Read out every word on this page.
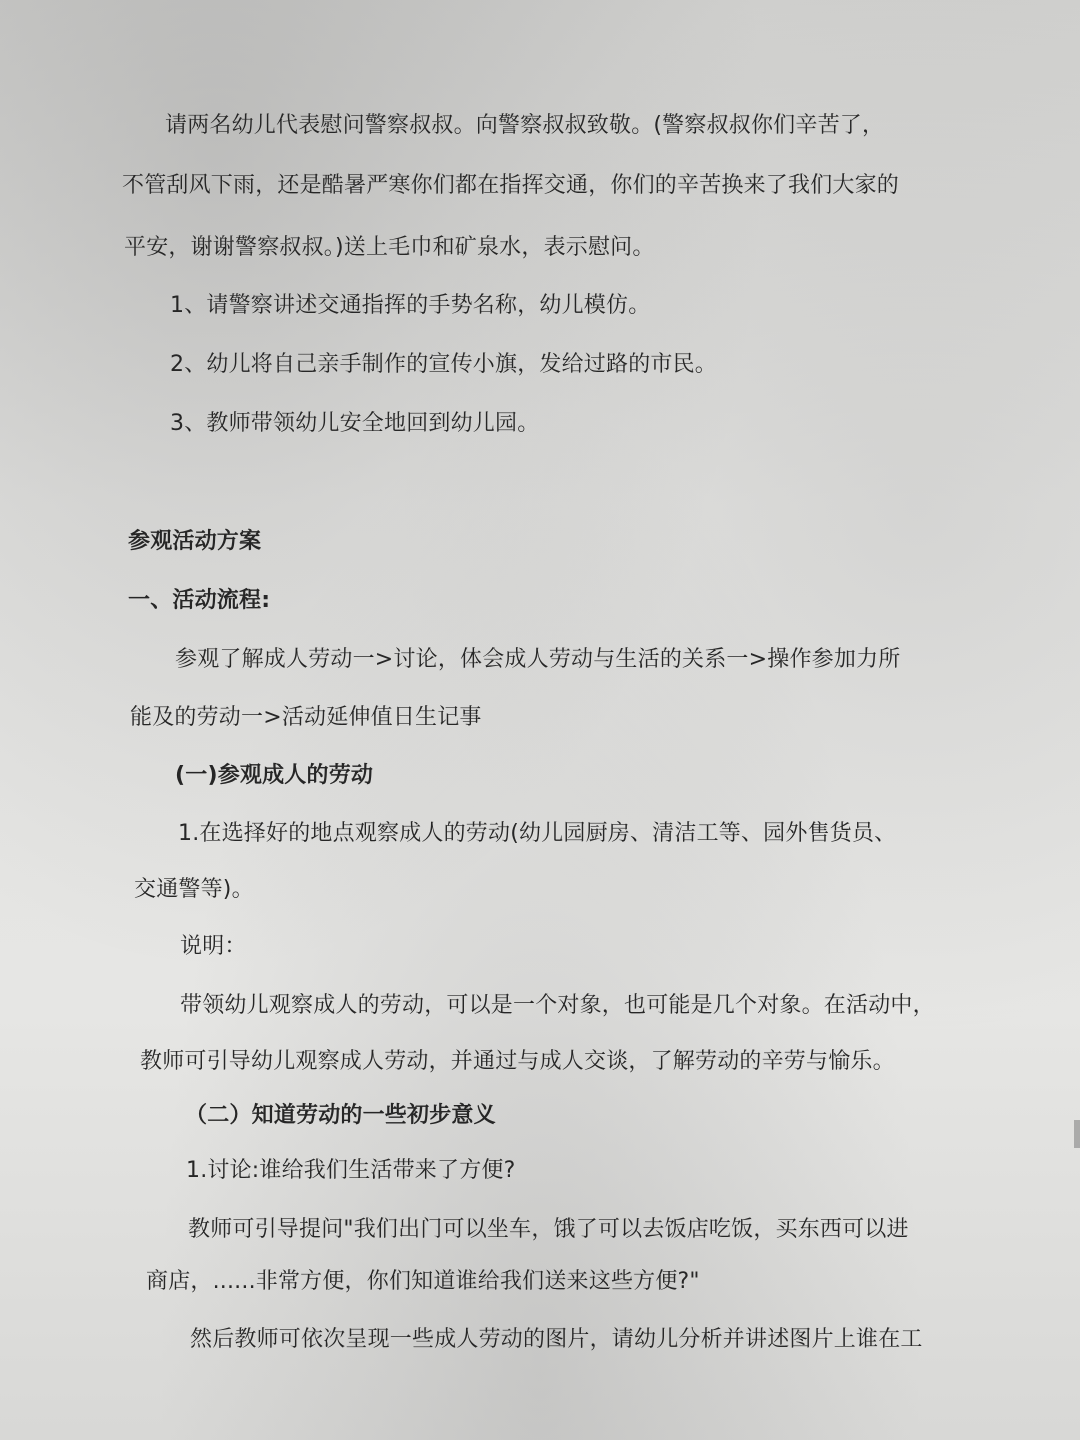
请两名幼儿代表慰问警察叔叔。向警察叔叔致敬。(警察叔叔你们辛苦了，
不管刮风下雨，还是酷暑严寒你们都在指挥交通，你们的辛苦换来了我们大家的
平安，谢谢警察叔叔。)送上毛巾和矿泉水，表示慰问。
1、请警察讲述交通指挥的手势名称，幼儿模仿。
2、幼儿将自己亲手制作的宣传小旗，发给过路的市民。
3、教师带领幼儿安全地回到幼儿园。
参观活动方案
一、活动流程:
参观了解成人劳动一>讨论，体会成人劳动与生活的关系一>操作参加力所
能及的劳动一>活动延伸值日生记事
(一)参观成人的劳动
1.在选择好的地点观察成人的劳动(幼儿园厨房、清洁工等、园外售货员、
交通警等)。
说明：
带领幼儿观察成人的劳动，可以是一个对象，也可能是几个对象。在活动中，
教师可引导幼儿观察成人劳动，并通过与成人交谈，了解劳动的辛劳与愉乐。
（二）知道劳动的一些初步意义
1.讨论:谁给我们生活带来了方便?
教师可引导提问"我们出门可以坐车，饿了可以去饭店吃饭，买东西可以进
商店，......非常方便，你们知道谁给我们送来这些方便?"
然后教师可依次呈现一些成人劳动的图片，请幼儿分析并讲述图片上谁在工
